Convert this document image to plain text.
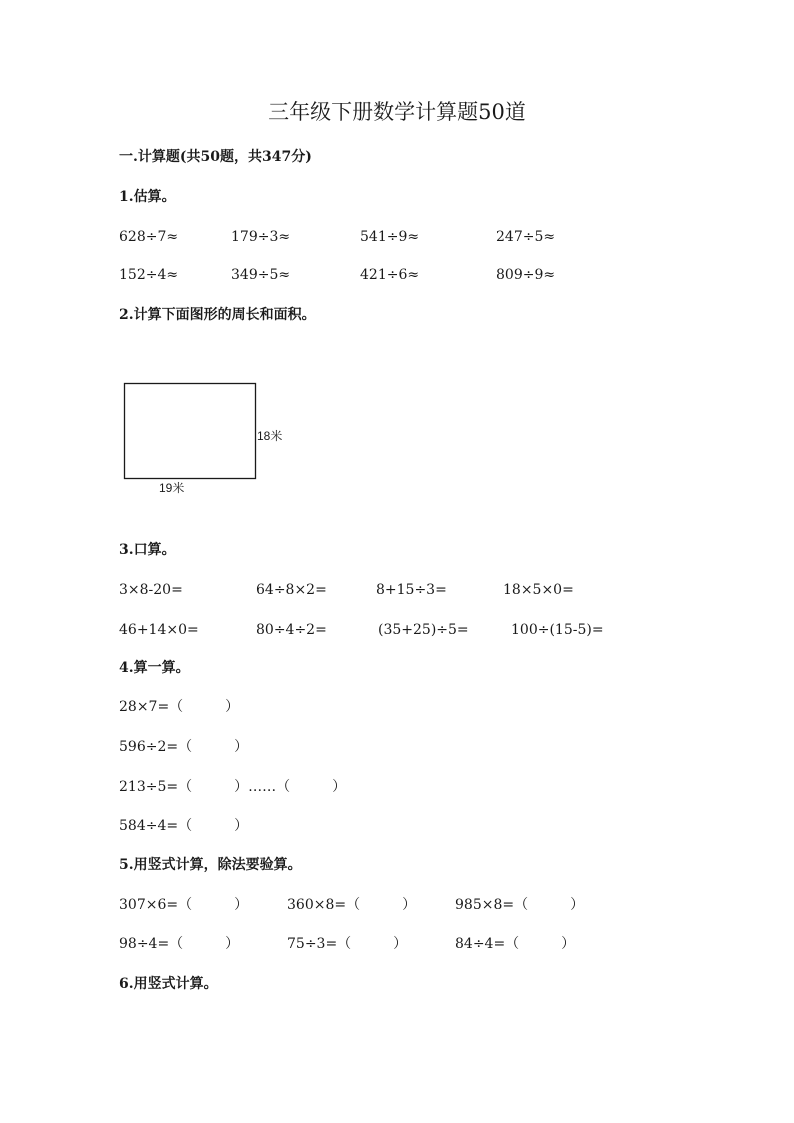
三年级下册数学计算题50道
一.计算题(共50题，共347分)
1.估算。
628÷7≈	179÷3≈	541÷9≈	247÷5≈
152÷4≈	349÷5≈	421÷6≈	809÷9≈
2.计算下面图形的周长和面积。
18米
19米
3.口算。
3×8-20=	64÷8×2=	8+15÷3=	18×5×0=
46+14×0=	80÷4÷2=	(35+25)÷5=	100÷(15-5)=
4.算一算。
28×7=（　　　）
596÷2=（　　　）
213÷5=（　　　）……（　　　）
584÷4=（　　　）
5.用竖式计算，除法要验算。
307×6=（　　　）	360×8=（　　　）	985×8=（　　　）
98÷4=（　　　）	75÷3=（　　　）	84÷4=（　　　）
6.用竖式计算。
